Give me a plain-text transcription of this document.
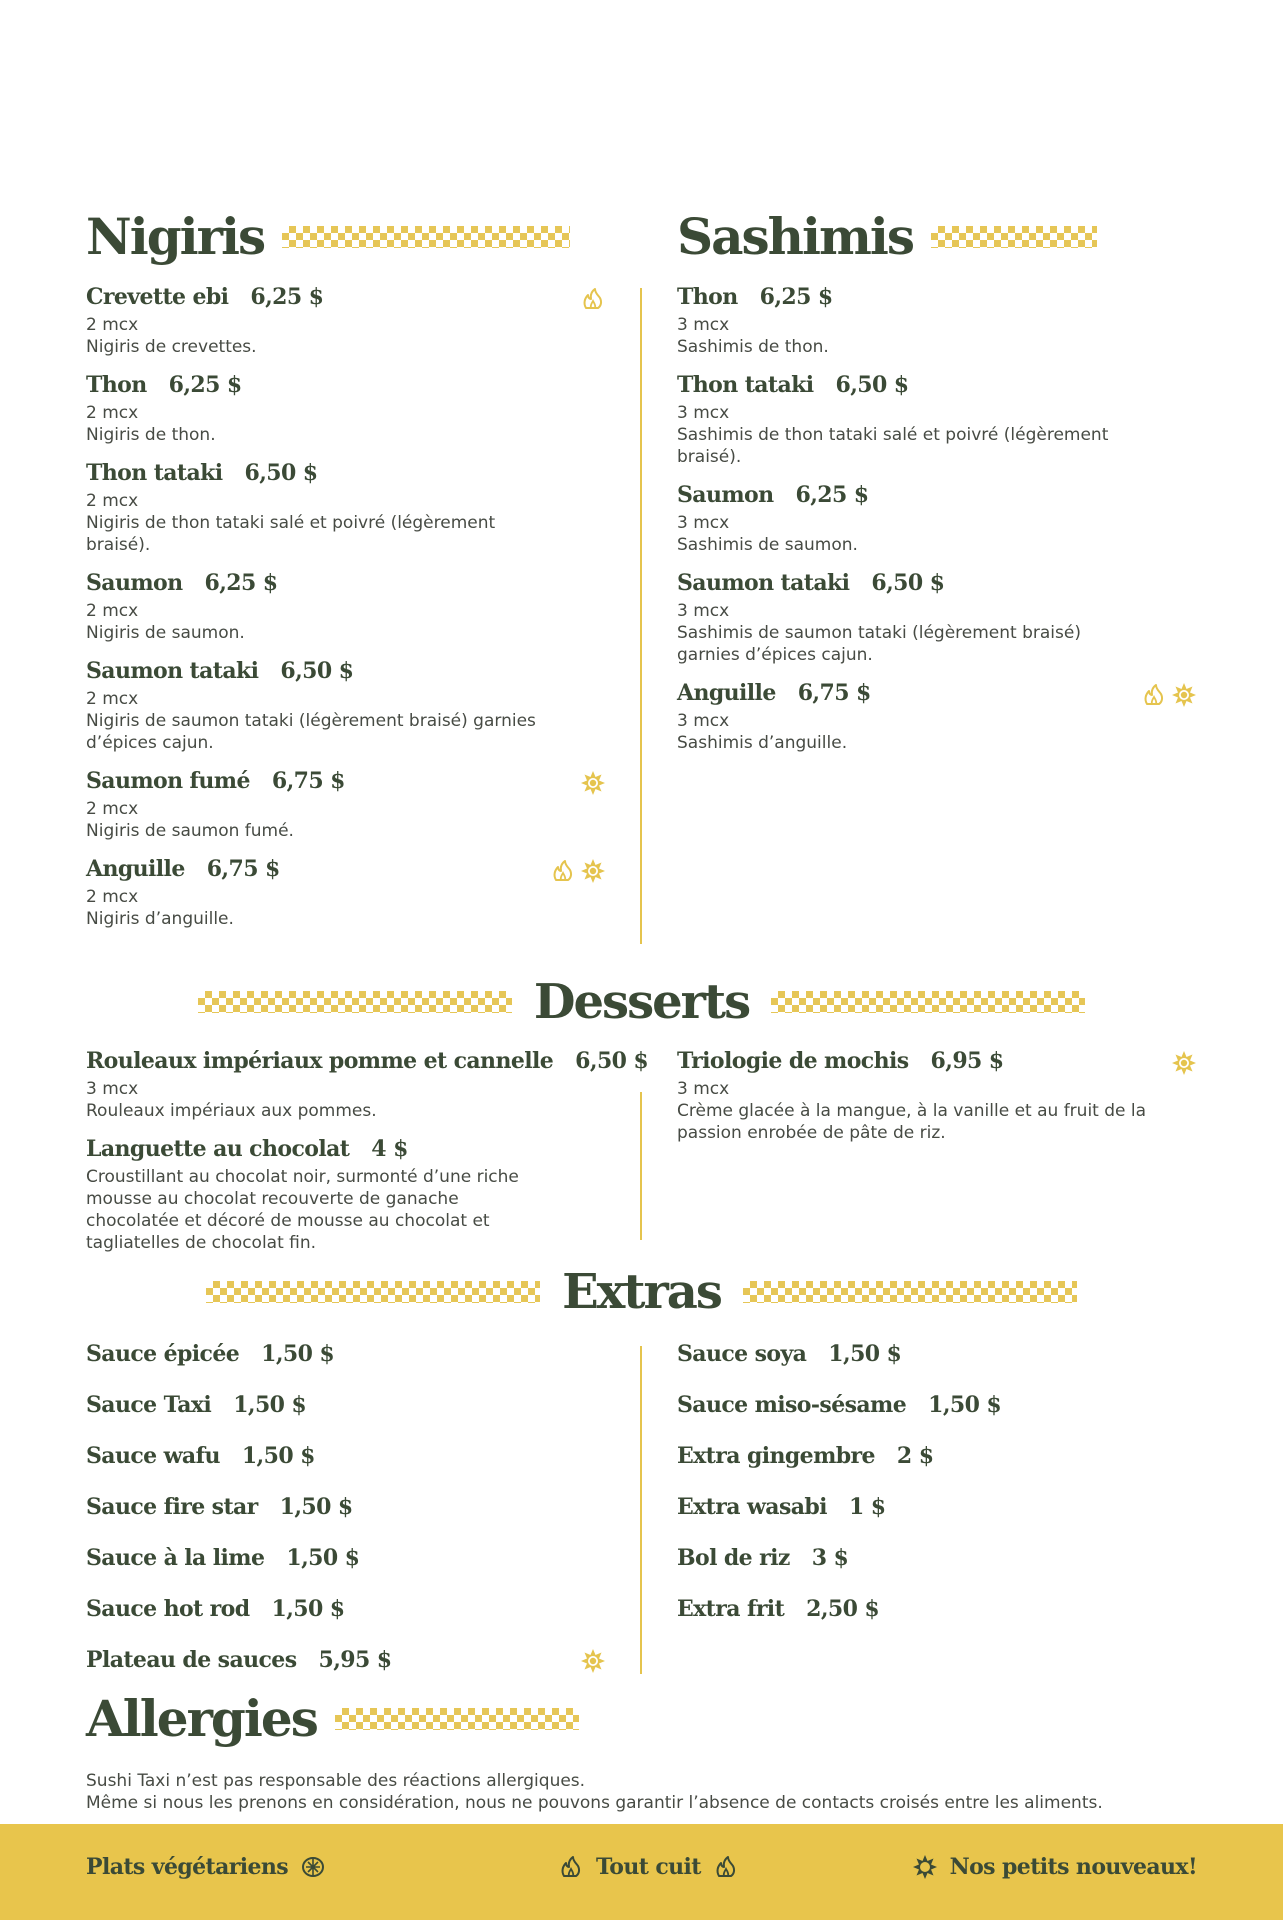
Nigiris	Sashimis
Crevette ebi 6,25 $
2 mcx
Nigiris de crevettes.
Thon 6,25 $
2 mcx
Nigiris de thon.
Thon tataki 6,50 $
2 mcx
Nigiris de thon tataki salé et poivré (légèrement braisé).
Saumon 6,25 $
2 mcx
Nigiris de saumon.
Saumon tataki 6,50 $
2 mcx
Nigiris de saumon tataki (légèrement braisé) garnies d’épices cajun.
Saumon fumé 6,75 $
2 mcx
Nigiris de saumon fumé.
Anguille 6,75 $
2 mcx
Nigiris d’anguille.
Thon 6,25 $
3 mcx
Sashimis de thon.
Thon tataki 6,50 $
3 mcx
Sashimis de thon tataki salé et poivré (légèrement braisé).
Saumon 6,25 $
3 mcx
Sashimis de saumon.
Saumon tataki 6,50 $
3 mcx
Sashimis de saumon tataki (légèrement braisé) garnies d’épices cajun.
Anguille 6,75 $
3 mcx
Sashimis d’anguille.
Desserts
Rouleaux impériaux pomme et cannelle 6,50 $
3 mcx
Rouleaux impériaux aux pommes.
Languette au chocolat 4 $
Croustillant au chocolat noir, surmonté d’une riche mousse au chocolat recouverte de ganache chocolatée et décoré de mousse au chocolat et tagliatelles de chocolat fin.
Triologie de mochis 6,95 $
3 mcx
Crème glacée à la mangue, à la vanille et au fruit de la passion enrobée de pâte de riz.
Extras
Sauce épicée 1,50 $
Sauce Taxi 1,50 $
Sauce wafu 1,50 $
Sauce fire star 1,50 $
Sauce à la lime 1,50 $
Sauce hot rod 1,50 $
Plateau de sauces 5,95 $
Sauce soya 1,50 $
Sauce miso-sésame 1,50 $
Extra gingembre 2 $
Extra wasabi 1 $
Bol de riz 3 $
Extra frit 2,50 $
Allergies
Sushi Taxi n’est pas responsable des réactions allergiques.
Même si nous les prenons en considération, nous ne pouvons garantir l’absence de contacts croisés entre les aliments.
Plats végétariens	Tout cuit	Nos petits nouveaux!
